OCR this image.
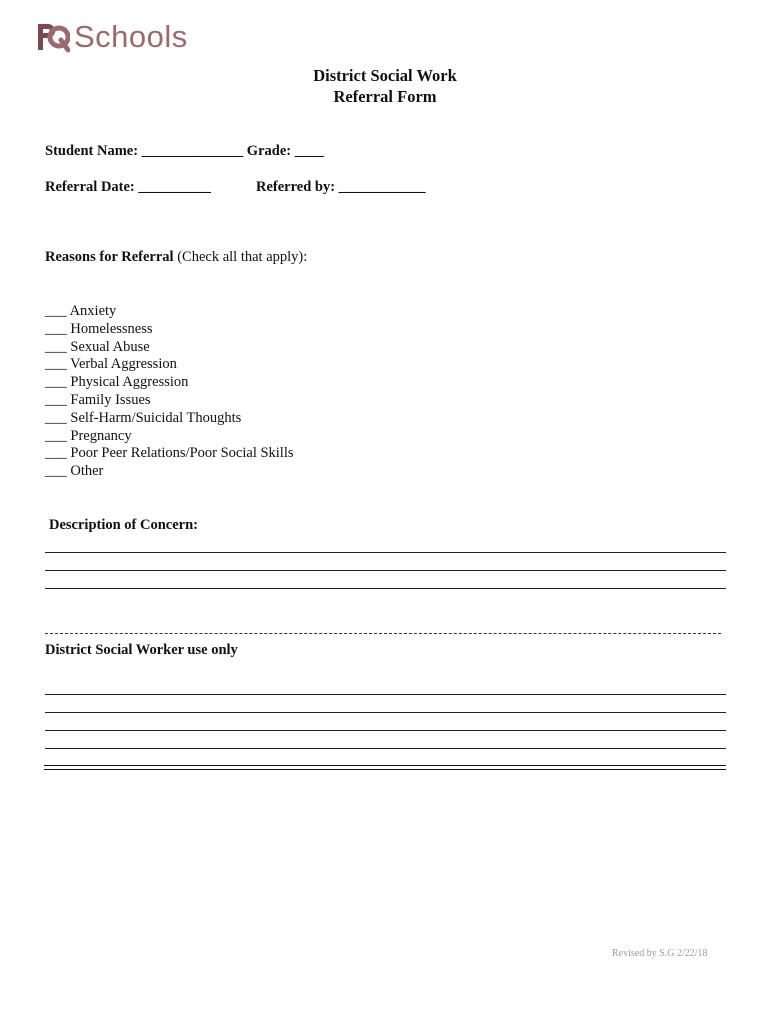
Schools
District Social Work
Referral Form
Student Name: ______________ Grade: ____
Referral Date: __________	Referred by: ____________
Reasons for Referral (Check all that apply):
___ Anxiety
___ Homelessness
___ Sexual Abuse
___ Verbal Aggression
___ Physical Aggression
___ Family Issues
___ Self-Harm/Suicidal Thoughts
___ Pregnancy
___ Poor Peer Relations/Poor Social Skills
___ Other
Description of Concern:
District Social Worker use only
Revised by S.G 2/22/18
